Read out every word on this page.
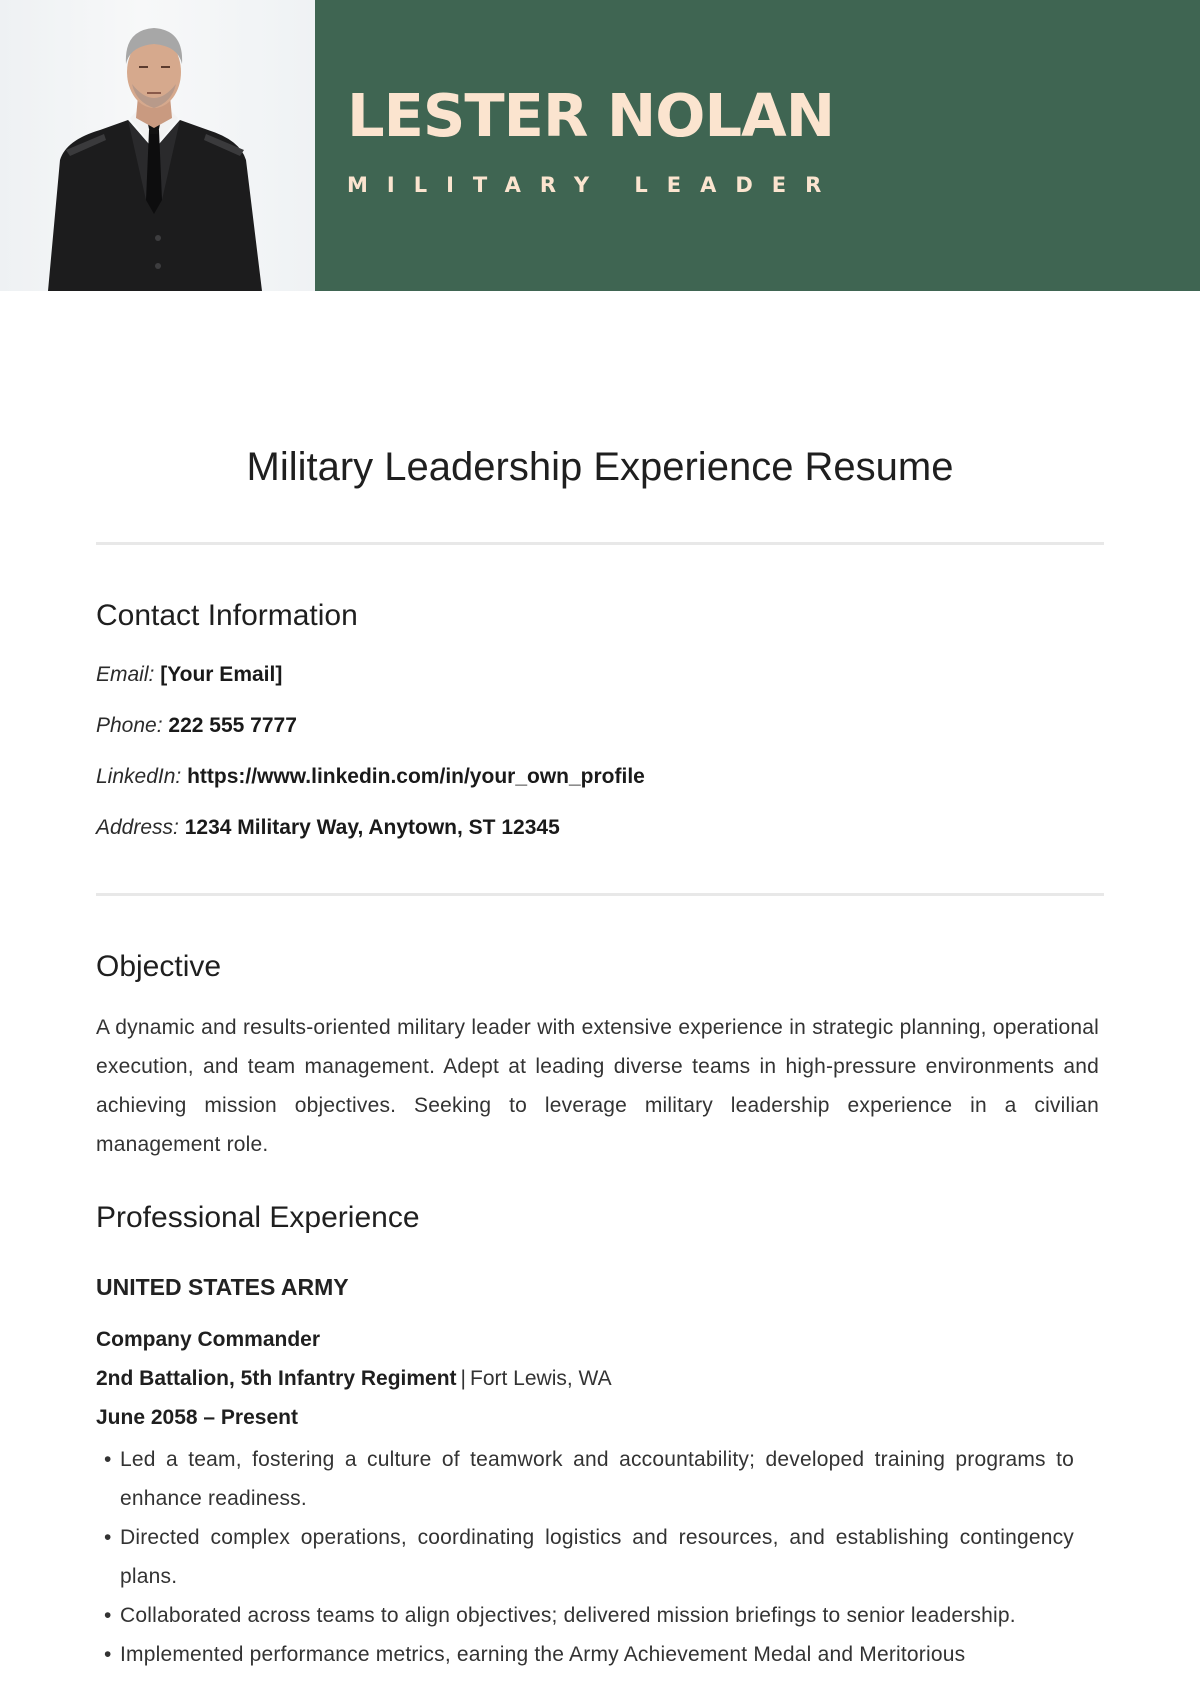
LESTER NOLAN
MILITARY LEADER
Military Leadership Experience Resume
Contact Information
Email: [Your Email]
Phone: 222 555 7777
LinkedIn: https://www.linkedin.com/in/your_own_profile
Address: 1234 Military Way, Anytown, ST 12345
Objective
A dynamic and results-oriented military leader with extensive experience in strategic planning, operational execution, and team management. Adept at leading diverse teams in high-pressure environments and achieving mission objectives. Seeking to leverage military leadership experience in a civilian management role.
Professional Experience
UNITED STATES ARMY
Company Commander
2nd Battalion, 5th Infantry Regiment | Fort Lewis, WA
June 2058 – Present
• Led a team, fostering a culture of teamwork and accountability; developed training programs to enhance readiness.
• Directed complex operations, coordinating logistics and resources, and establishing contingency plans.
• Collaborated across teams to align objectives; delivered mission briefings to senior leadership.
• Implemented performance metrics, earning the Army Achievement Medal and Meritorious
